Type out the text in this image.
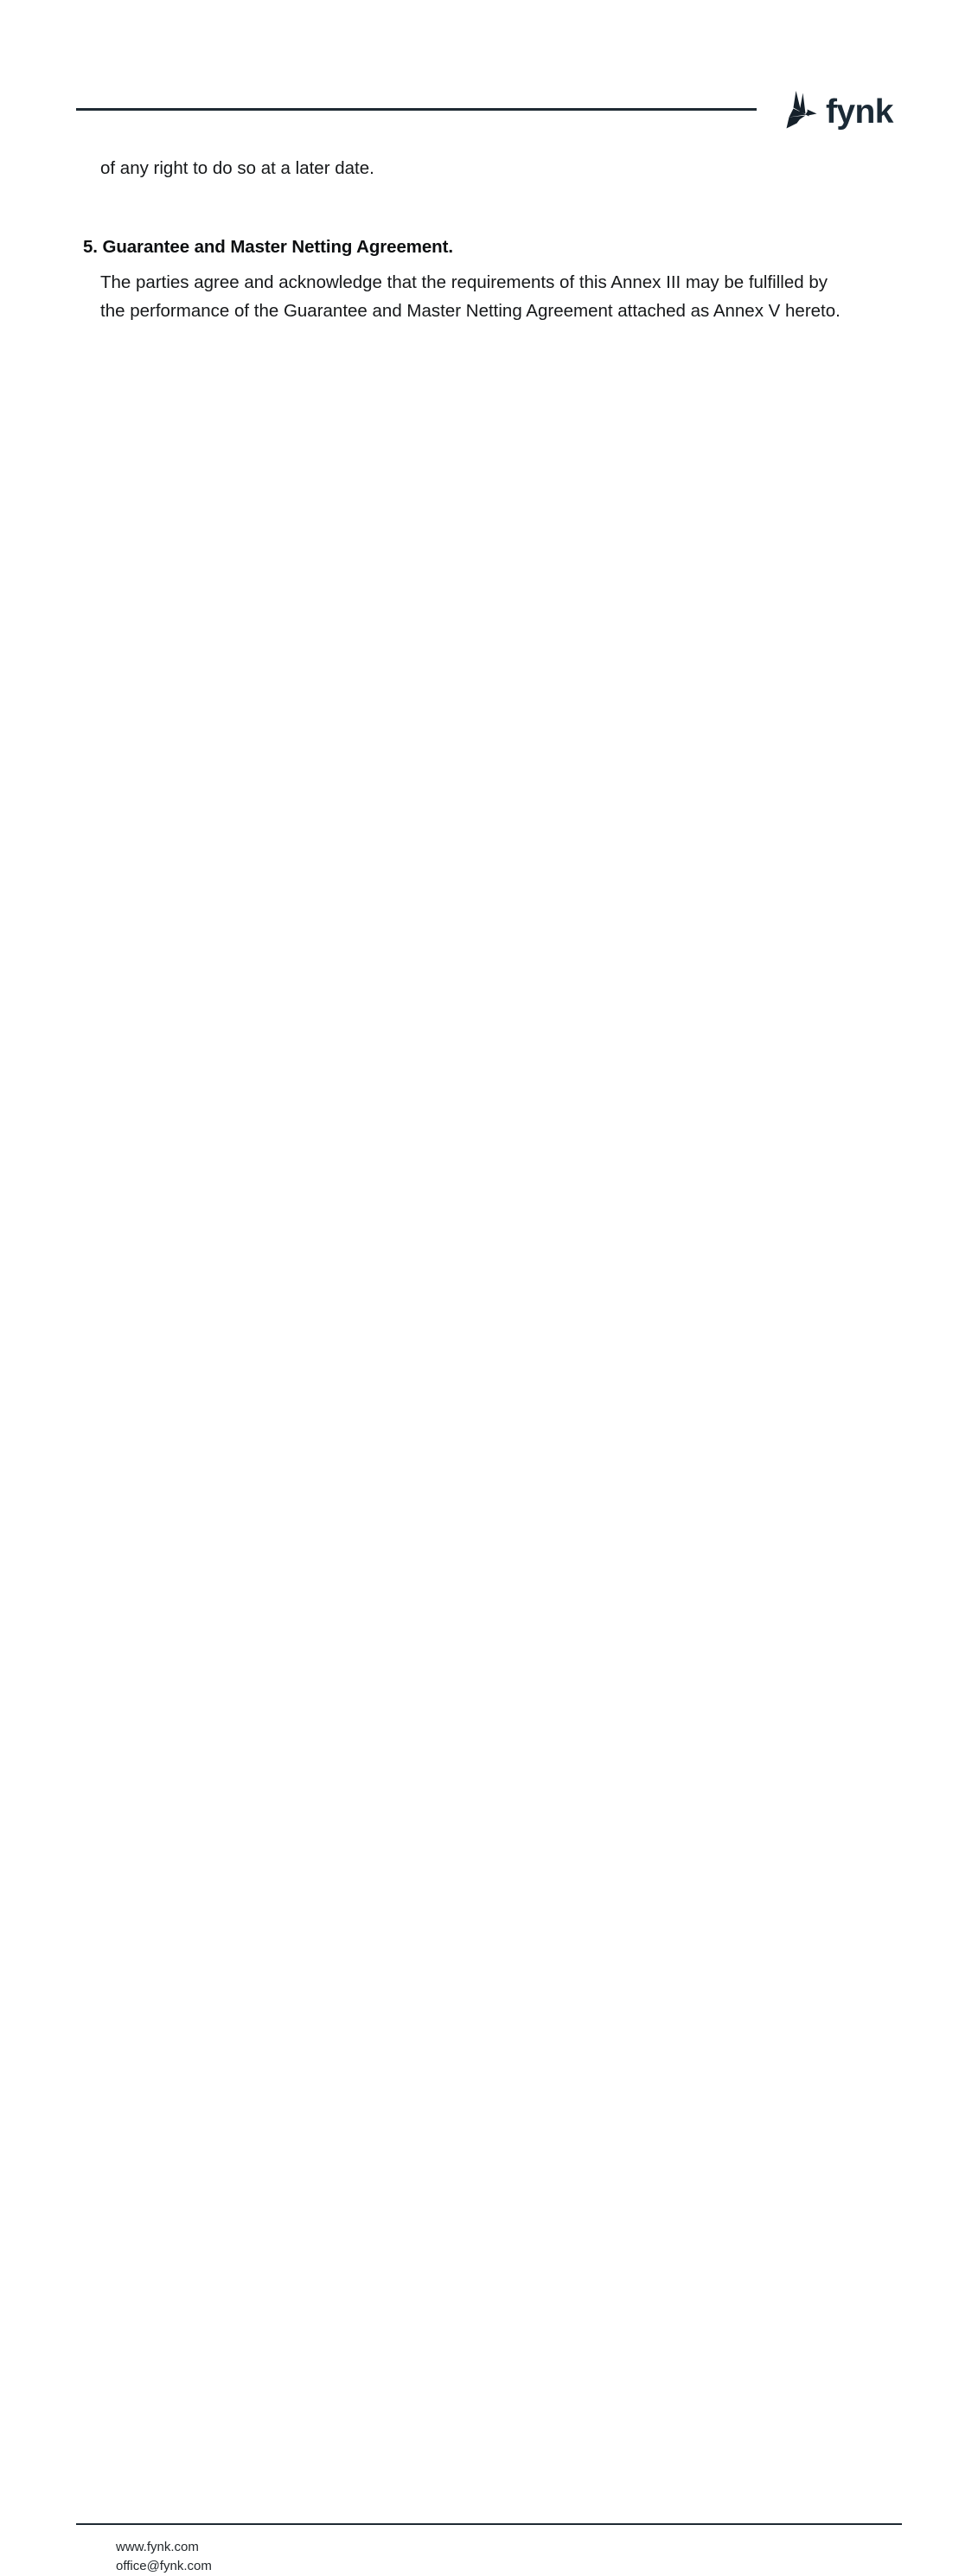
fynk

of any right to do so at a later date.

5. Guarantee and Master Netting Agreement.
The parties agree and acknowledge that the requirements of this Annex III may be fulfilled by
the performance of the Guarantee and Master Netting Agreement attached as Annex V hereto.
www.fynk.com
office@fynk.com
